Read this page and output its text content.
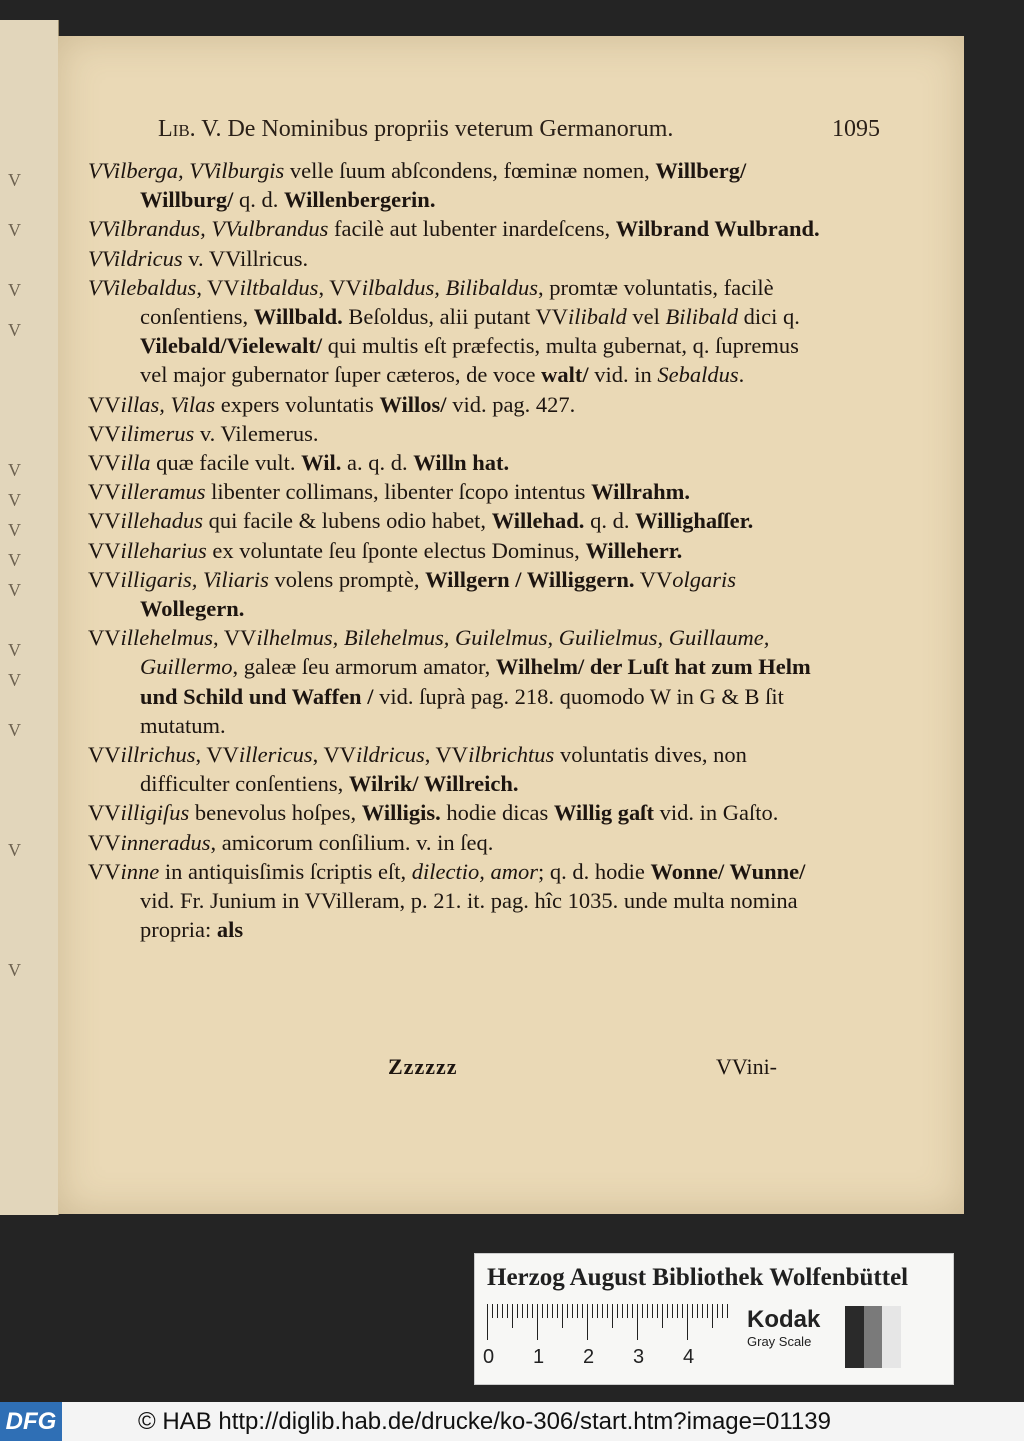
V
V
V
V
V
V
V
V
V
V
V
V
V
V
Lib. V. De Nominibus propriis veterum Germanorum.	1095

VVilberga, VVilburgis velle ſuum abſcondens, fœminæ nomen, Willberg/ Willburg/ q. d. Willenbergerin.

VVilbrandus, VVulbrandus facilè aut lubenter inardeſcens, Wilbrand Wulbrand.

VVildricus v. VVillricus.

VVilebaldus, VViltbaldus, VVilbaldus, Bilibaldus, promtæ voluntatis, facilè conſentiens, Willbald. Beſoldus, alii putant VVilibald vel Bilibald dici q. Vilebald/Vielewalt/ qui multis eſt præfectis, multa gubernat, q. ſupremus vel major gubernator ſuper cæteros, de voce walt/ vid. in Sebaldus.

VVillas, Vilas expers voluntatis Willos/ vid. pag. 427.

VVilimerus v. Vilemerus.

VVilla quæ facile vult. Wil. a. q. d. Willn hat.

VVilleramus libenter collimans, libenter ſcopo intentus Willrahm.

VVillehadus qui facile & lubens odio habet, Willehad. q. d. Willighaſſer.

VVilleharius ex voluntate ſeu ſponte electus Dominus, Willeherr.

VVilligaris, Viliaris volens promptè, Willgern / Williggern. VVolgaris Wollegern.

VVillehelmus, VVilhelmus, Bilehelmus, Guilelmus, Guilielmus, Guillaume, Guillermo, galeæ ſeu armorum amator, Wilhelm/ der Luſt hat zum Helm und Schild und Waffen / vid. ſuprà pag. 218. quomodo W in G & B ſit mutatum.

VVillrichus, VVillericus, VVildricus, VVilbrichtus voluntatis dives, non difficulter conſentiens, Wilrik/ Willreich.

VVilligiſus benevolus hoſpes, Willigis. hodie dicas Willig gaſt vid. in Gaſto.

VVinneradus, amicorum conſilium. v. in ſeq.

VVinne in antiquisſimis ſcriptis eſt, dilectio, amor; q. d. hodie Wonne/ Wunne/ vid. Fr. Junium in VVilleram, p. 21. it. pag. hîc 1035. unde multa nomina propria: als

Zzzzzz	VVini-
Herzog August Bibliothek Wolfenbüttel
0 1 2 3 4
Kodak
Gray Scale
DFG	© HAB http://diglib.hab.de/drucke/ko-306/start.htm?image=01139
